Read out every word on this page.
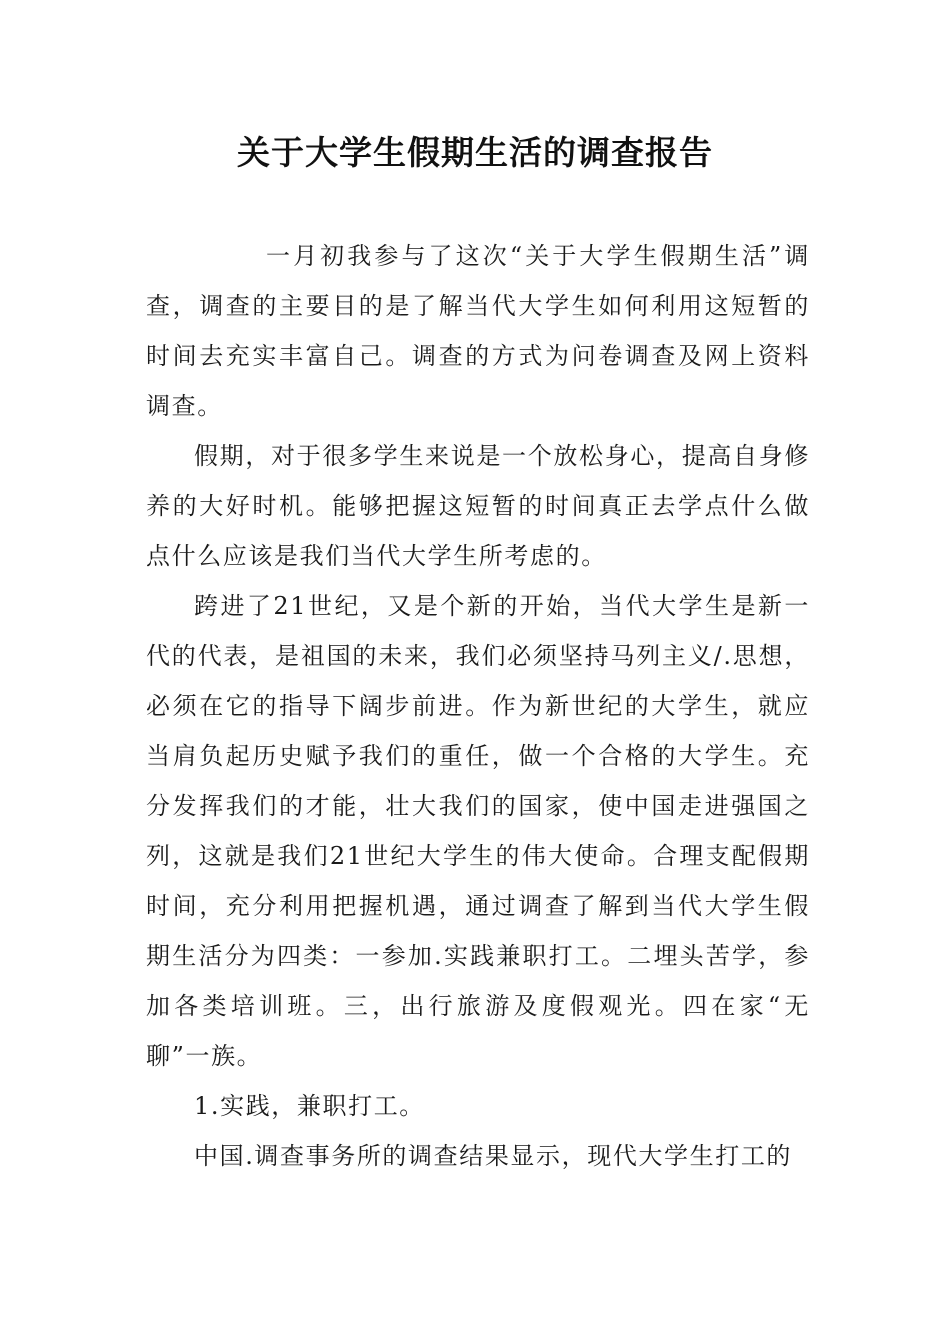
关于大学生假期生活的调查报告

一月初我参与了这次“关于大学生假期生活”调查，调查的主要目的是了解当代大学生如何利用这短暂的时间去充实丰富自己。调查的方式为问卷调查及网上资料调查。

假期，对于很多学生来说是一个放松身心，提高自身修养的大好时机。能够把握这短暂的时间真正去学点什么做点什么应该是我们当代大学生所考虑的。

跨进了21世纪，又是个新的开始，当代大学生是新一代的代表，是祖国的未来，我们必须坚持马列主义/.思想，必须在它的指导下阔步前进。作为新世纪的大学生，就应当肩负起历史赋予我们的重任，做一个合格的大学生。充分发挥我们的才能，壮大我们的国家，使中国走进强国之列，这就是我们21世纪大学生的伟大使命。合理支配假期时间，充分利用把握机遇，通过调查了解到当代大学生假期生活分为四类：一参加.实践兼职打工。二埋头苦学，参加各类培训班。三，出行旅游及度假观光。四在家“无聊”一族。

1.实践，兼职打工。

中国.调查事务所的调查结果显示，现代大学生打工的
